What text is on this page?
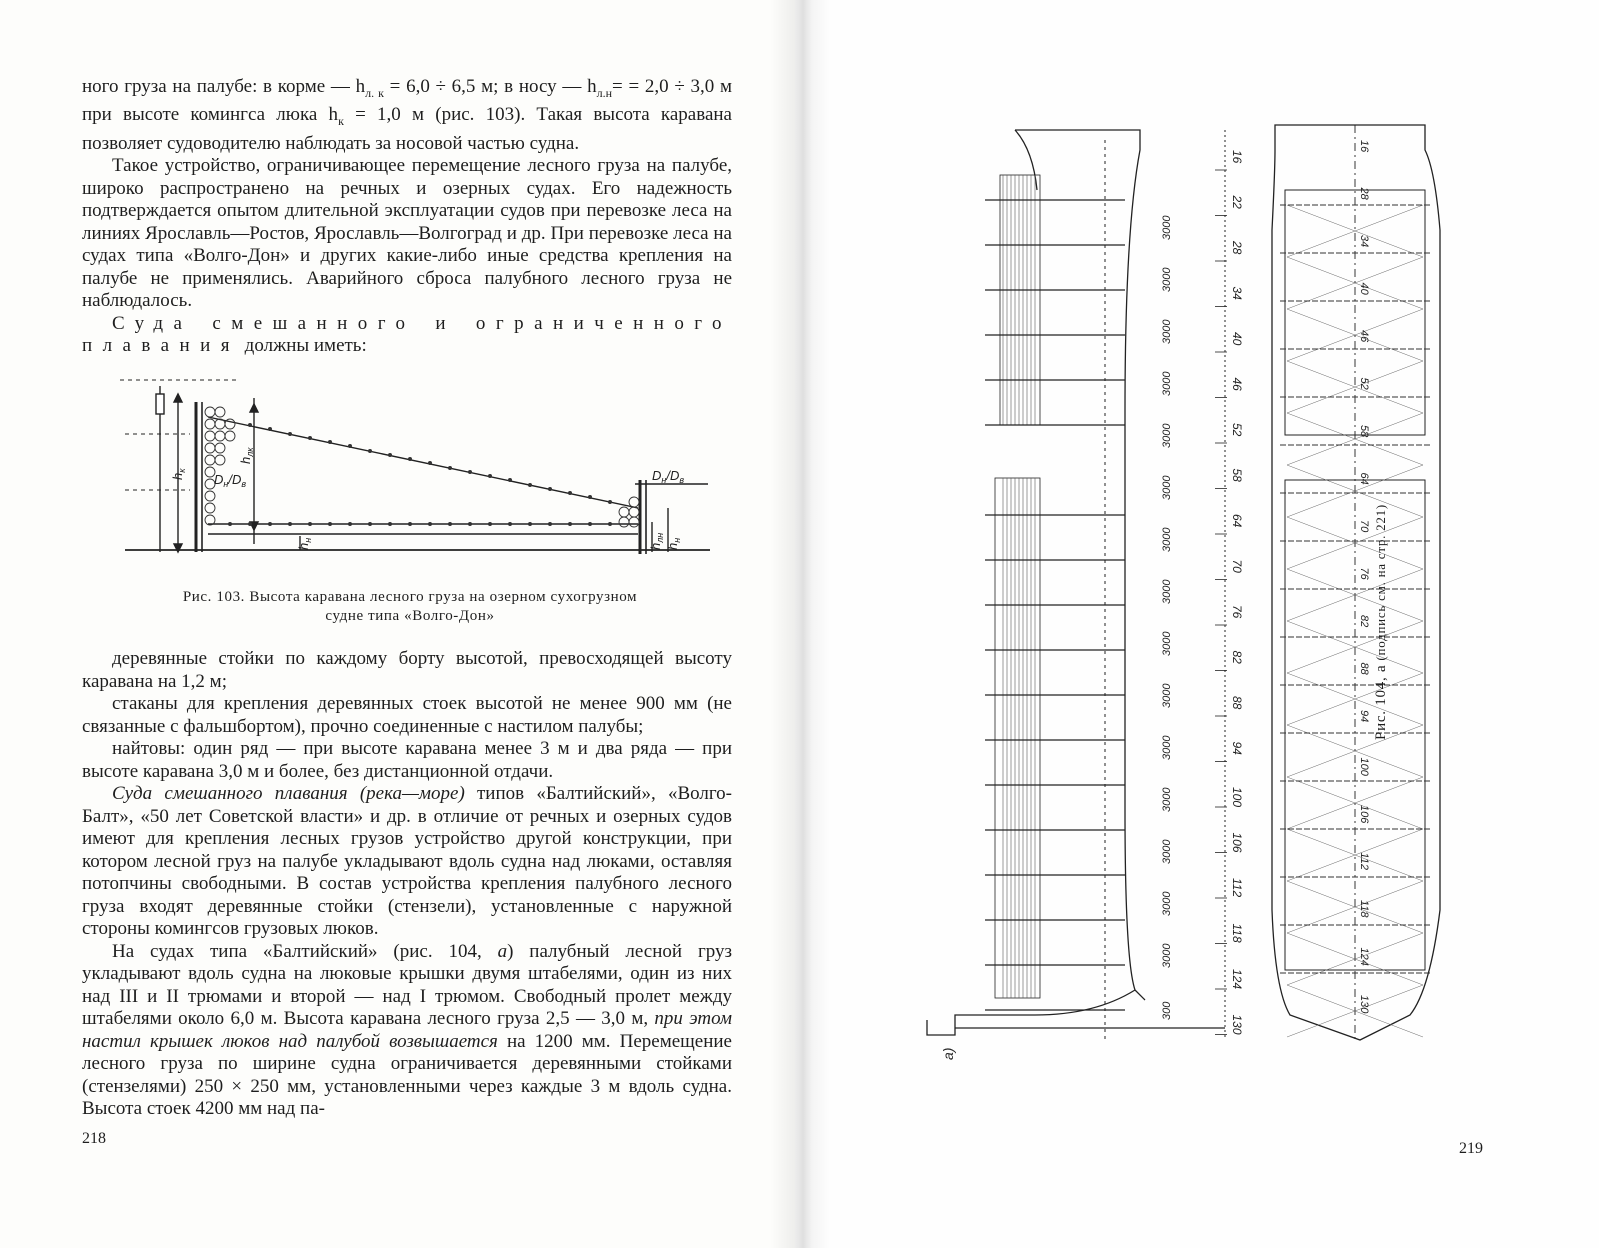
ного груза на палубе: в корме — $h_{л. к} = 6,0 \div 6,5$ м; в носу — $h_{л.н}= = 2,0 \div 3,0$ м при высоте комингса люка $h_к = 1,0$ м (рис. 103). Такая высота каравана позволяет судоводителю наблюдать за носовой частью судна.

Такое устройство, ограничивающее перемещение лесного груза на палубе, широко распространено на речных и озерных судах. Его надежность подтверждается опытом длительной эксплуатации судов при перевозке леса на линиях Ярославль—Ростов, Ярославль—Волгоград и др. При перевозке леса на судах типа «Волго-Дон» и других какие-либо иные средства крепления на палубе не применялись. Аварийного сброса палубного лесного груза не наблюдалось.

Суда смешанного и ограниченного плавания должны иметь:

$h_к$
$h_{лк}$
$D_н/D_в$
$D_н/D_в$
$h_{лн}$
$h_н$
$h_н$
Рис. 103. Высота каравана лесного груза на озерном сухогрузном
судне типа «Волго-Дон»

деревянные стойки по каждому борту высотой, превосходящей высоту каравана на 1,2 м;

стаканы для крепления деревянных стоек высотой не менее 900 мм (не связанные с фальшбортом), прочно соединенные с настилом палубы;

найтовы: один ряд — при высоте каравана менее 3 м и два ряда — при высоте каравана 3,0 м и более, без дистанционной отдачи.

Суда смешанного плавания (река—море) типов «Балтийский», «Волго-Балт», «50 лет Советской власти» и др. в отличие от речных и озерных судов имеют для крепления лесных грузов устройство другой конструкции, при котором лесной груз на палубе укладывают вдоль судна над люками, оставляя потопчины свободными. В состав устройства крепления палубного лесного груза входят деревянные стойки (стензели), установленные с наружной стороны комингсов грузовых люков.

На судах типа «Балтийский» (рис. 104, а) палубный лесной груз укладывают вдоль судна на люковые крышки двумя штабелями, один из них над III и II трюмами и второй — над I трюмом. Свободный пролет между штабелями около 6,0 м. Высота каравана лесного груза 2,5 — 3,0 м, при этом настил крышек люков над палубой возвышается на 1200 мм. Перемещение лесного груза по ширине судна ограничивается деревянными стойками (стензелями) 250 × 250 мм, установленными через каждые 3 м вдоль судна. Высота стоек 4200 мм над па-

218
16
22
28
34
40
46
52
58
64
70
76
82
88
94
100
106
112
118
124
130
3000
3000
3000
3000
3000
3000
3000
3000
3000
3000
3000
3000
3000
3000
3000
300
16
28
34
40
46
52
58
64
70
76
82
88
94
100
106
112
118
124
130
а)
Рис. 104, а (подпись см. на стр. 221)
219
